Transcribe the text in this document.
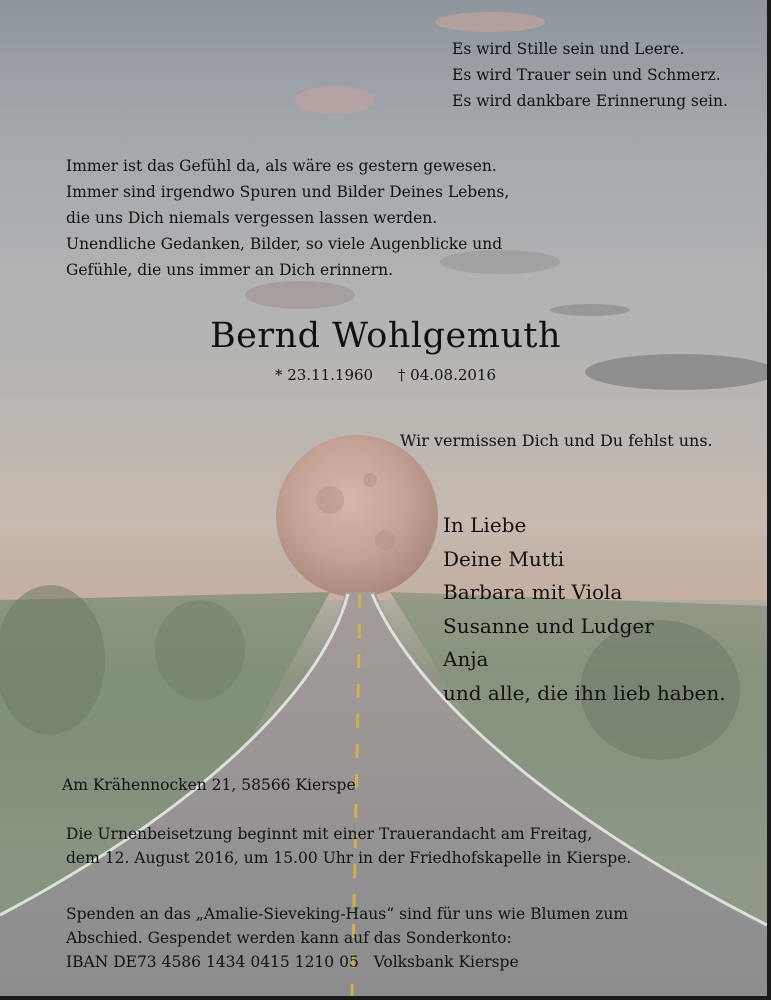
Es wird Stille sein und Leere.
Es wird Trauer sein und Schmerz.
Es wird dankbare Erinnerung sein.
Immer ist das Gefühl da, als wäre es gestern gewesen.
Immer sind irgendwo Spuren und Bilder Deines Lebens,
die uns Dich niemals vergessen lassen werden.
Unendliche Gedanken, Bilder, so viele Augenblicke und
Gefühle, die uns immer an Dich erinnern.
Bernd Wohlgemuth
* 23.11.1960 † 04.08.2016
Wir vermissen Dich und Du fehlst uns.
In Liebe
Deine Mutti
Barbara mit Viola
Susanne und Ludger
Anja
und alle, die ihn lieb haben.
Am Krähennocken 21, 58566 Kierspe
Die Urnenbeisetzung beginnt mit einer Trauerandacht am Freitag,
dem 12. August 2016, um 15.00 Uhr in der Friedhofskapelle in Kierspe.
Spenden an das „Amalie-Sieveking-Haus“ sind für uns wie Blumen zum
Abschied. Gespendet werden kann auf das Sonderkonto:
IBAN DE73 4586 1434 0415 1210 05   Volksbank Kierspe
